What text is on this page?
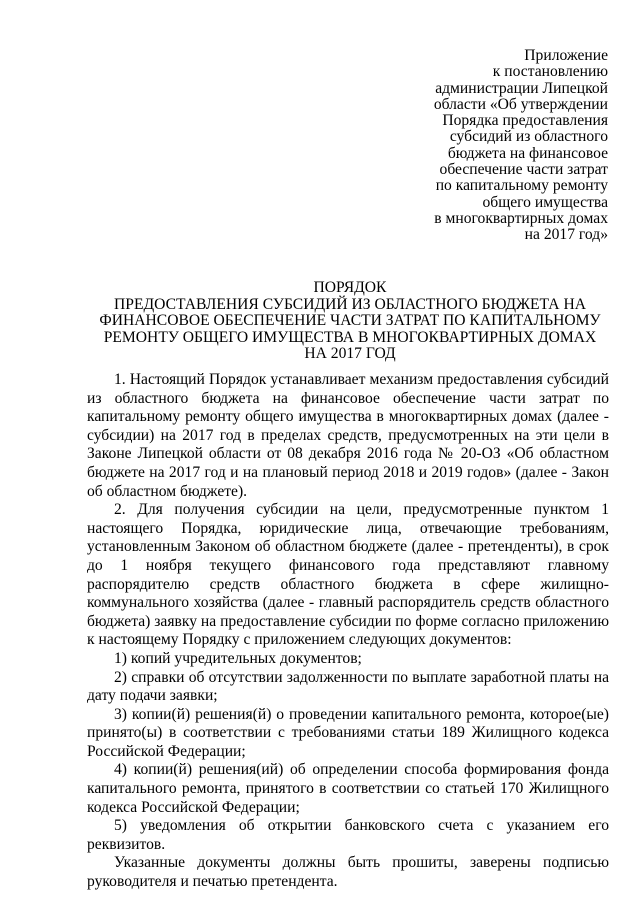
Приложение
к постановлению
администрации Липецкой
области «Об утверждении
Порядка предоставления
субсидий из областного
бюджета на финансовое
обеспечение части затрат
по капитальному ремонту
общего имущества
в многоквартирных домах
на 2017 год»
ПОРЯДОК
ПРЕДОСТАВЛЕНИЯ СУБСИДИЙ ИЗ ОБЛАСТНОГО БЮДЖЕТА НА
ФИНАНСОВОЕ ОБЕСПЕЧЕНИЕ ЧАСТИ ЗАТРАТ ПО КАПИТАЛЬНОМУ
РЕМОНТУ ОБЩЕГО ИМУЩЕСТВА В МНОГОКВАРТИРНЫХ ДОМАХ
НА 2017 ГОД

1. Настоящий Порядок устанавливает механизм предоставления субсидий из областного бюджета на финансовое обеспечение части затрат по капитальному ремонту общего имущества в многоквартирных домах (далее - субсидии) на 2017 год в пределах средств, предусмотренных на эти цели в Законе Липецкой области от 08 декабря 2016 года № 20-ОЗ «Об областном бюджете на 2017 год и на плановый период 2018 и 2019 годов» (далее - Закон об областном бюджете).

2. Для получения субсидии на цели, предусмотренные пунктом 1 настоящего Порядка, юридические лица, отвечающие требованиям, установленным Законом об областном бюджете (далее - претенденты), в срок до 1 ноября текущего финансового года представляют главному распорядителю средств областного бюджета в сфере жилищно-коммунального хозяйства (далее - главный распорядитель средств областного бюджета) заявку на предоставление субсидии по форме согласно приложению к настоящему Порядку с приложением следующих документов:

1) копий учредительных документов;

2) справки об отсутствии задолженности по выплате заработной платы на дату подачи заявки;

3) копии(й) решения(й) о проведении капитального ремонта, которое(ые) принято(ы) в соответствии с требованиями статьи 189 Жилищного кодекса Российской Федерации;

4) копии(й) решения(ий) об определении способа формирования фонда капитального ремонта, принятого в соответствии со статьей 170 Жилищного кодекса Российской Федерации;

5) уведомления об открытии банковского счета с указанием его реквизитов.

Указанные документы должны быть прошиты, заверены подписью руководителя и печатью претендента.
